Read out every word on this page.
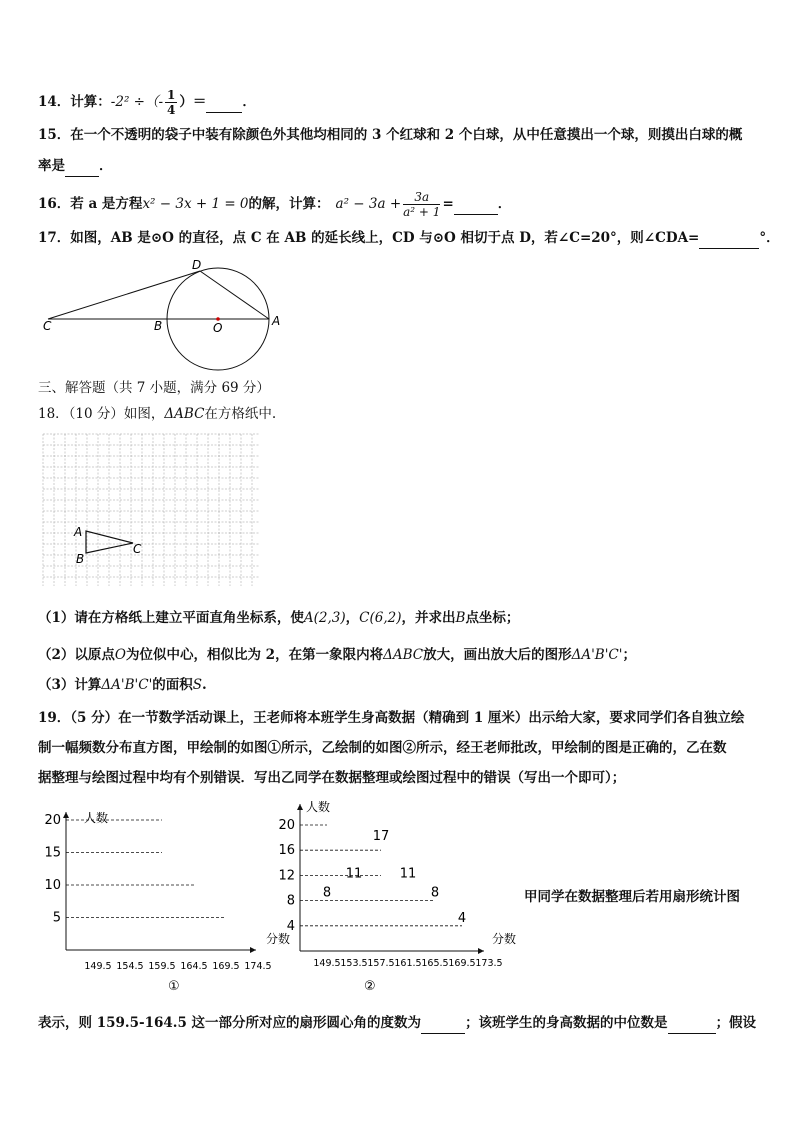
14．计算：-2² ÷（- $\frac{1}{4}$ ）＝	．
15．在一个不透明的袋子中装有除颜色外其他均相同的 3 个红球和 2 个白球，从中任意摸出一个球，则摸出白球的概
率是	．
16．若 a 是方程x² − 3x + 1 = 0的解，计算： $a^2 - 3a + \frac{3a}{\text{a² + 1}}$ =	．
17．如图，AB 是⊙O 的直径，点 C 在 AB 的延长线上，CD 与⊙O 相切于点 D，若∠C=20°，则∠CDA=	°．
D
C	B	O	A
三、解答题（共 7 小题，满分 69 分）
18．（10 分）如图，ΔABC在方格纸中.
A
B
C
（1）请在方格纸上建立平面直角坐标系，使A(2,3)，C(6,2)，并求出B点坐标；
（2）以原点O为位似中心，相似比为 2，在第一象限内将ΔABC放大，画出放大后的图形ΔA'B'C'；
（3）计算ΔA'B'C'的面积S.
19．（5 分）在一节数学活动课上，王老师将本班学生身高数据（精确到 1 厘米）出示给大家，要求同学们各自独立绘
制一幅频数分布直方图，甲绘制的如图①所示，乙绘制的如图②所示，经王老师批改，甲绘制的图是正确的，乙在数
据整理与绘图过程中均有个别错误．写出乙同学在数据整理或绘图过程中的错误（写出一个即可）；
5
10
15
20
149.5 154.5 159.5 164.5 169.5 174.5
人数
分数
①
8
11
17
11
8
4
4
8
12
16
20
149.5 153.5 157.5 161.5 165.5 169.5 173.5
人数
分数
②
甲同学在数据整理后若用扇形统计图
表示，则 159.5-164.5 这一部分所对应的扇形圆心角的度数为	；该班学生的身高数据的中位数是	；假设
